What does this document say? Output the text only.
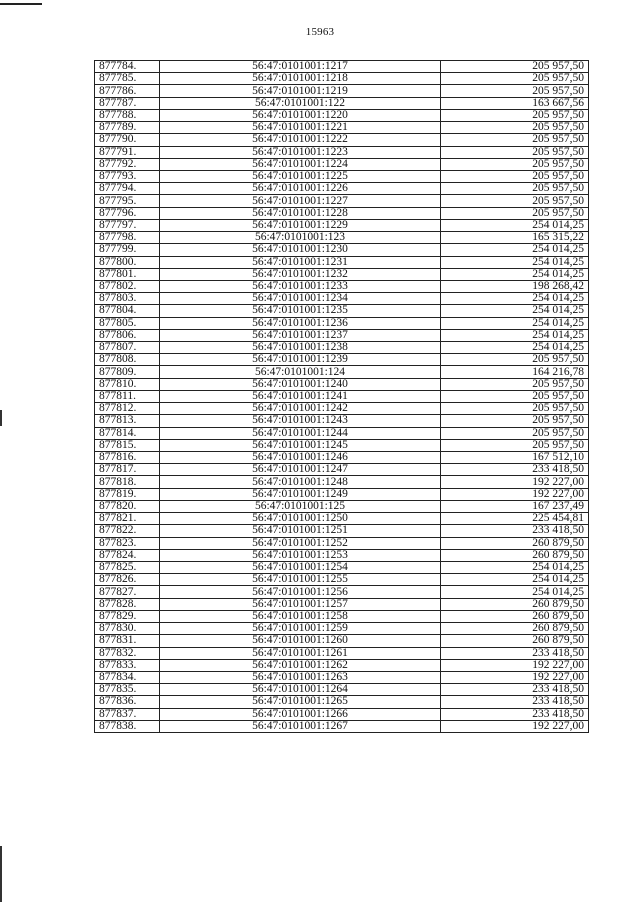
15963
877784.	56:47:0101001:1217	205 957,50
877785.	56:47:0101001:1218	205 957,50
877786.	56:47:0101001:1219	205 957,50
877787.	56:47:0101001:122	163 667,56
877788.	56:47:0101001:1220	205 957,50
877789.	56:47:0101001:1221	205 957,50
877790.	56:47:0101001:1222	205 957,50
877791.	56:47:0101001:1223	205 957,50
877792.	56:47:0101001:1224	205 957,50
877793.	56:47:0101001:1225	205 957,50
877794.	56:47:0101001:1226	205 957,50
877795.	56:47:0101001:1227	205 957,50
877796.	56:47:0101001:1228	205 957,50
877797.	56:47:0101001:1229	254 014,25
877798.	56:47:0101001:123	165 315,22
877799.	56:47:0101001:1230	254 014,25
877800.	56:47:0101001:1231	254 014,25
877801.	56:47:0101001:1232	254 014,25
877802.	56:47:0101001:1233	198 268,42
877803.	56:47:0101001:1234	254 014,25
877804.	56:47:0101001:1235	254 014,25
877805.	56:47:0101001:1236	254 014,25
877806.	56:47:0101001:1237	254 014,25
877807.	56:47:0101001:1238	254 014,25
877808.	56:47:0101001:1239	205 957,50
877809.	56:47:0101001:124	164 216,78
877810.	56:47:0101001:1240	205 957,50
877811.	56:47:0101001:1241	205 957,50
877812.	56:47:0101001:1242	205 957,50
877813.	56:47:0101001:1243	205 957,50
877814.	56:47:0101001:1244	205 957,50
877815.	56:47:0101001:1245	205 957,50
877816.	56:47:0101001:1246	167 512,10
877817.	56:47:0101001:1247	233 418,50
877818.	56:47:0101001:1248	192 227,00
877819.	56:47:0101001:1249	192 227,00
877820.	56:47:0101001:125	167 237,49
877821.	56:47:0101001:1250	225 454,81
877822.	56:47:0101001:1251	233 418,50
877823.	56:47:0101001:1252	260 879,50
877824.	56:47:0101001:1253	260 879,50
877825.	56:47:0101001:1254	254 014,25
877826.	56:47:0101001:1255	254 014,25
877827.	56:47:0101001:1256	254 014,25
877828.	56:47:0101001:1257	260 879,50
877829.	56:47:0101001:1258	260 879,50
877830.	56:47:0101001:1259	260 879,50
877831.	56:47:0101001:1260	260 879,50
877832.	56:47:0101001:1261	233 418,50
877833.	56:47:0101001:1262	192 227,00
877834.	56:47:0101001:1263	192 227,00
877835.	56:47:0101001:1264	233 418,50
877836.	56:47:0101001:1265	233 418,50
877837.	56:47:0101001:1266	233 418,50
877838.	56:47:0101001:1267	192 227,00
